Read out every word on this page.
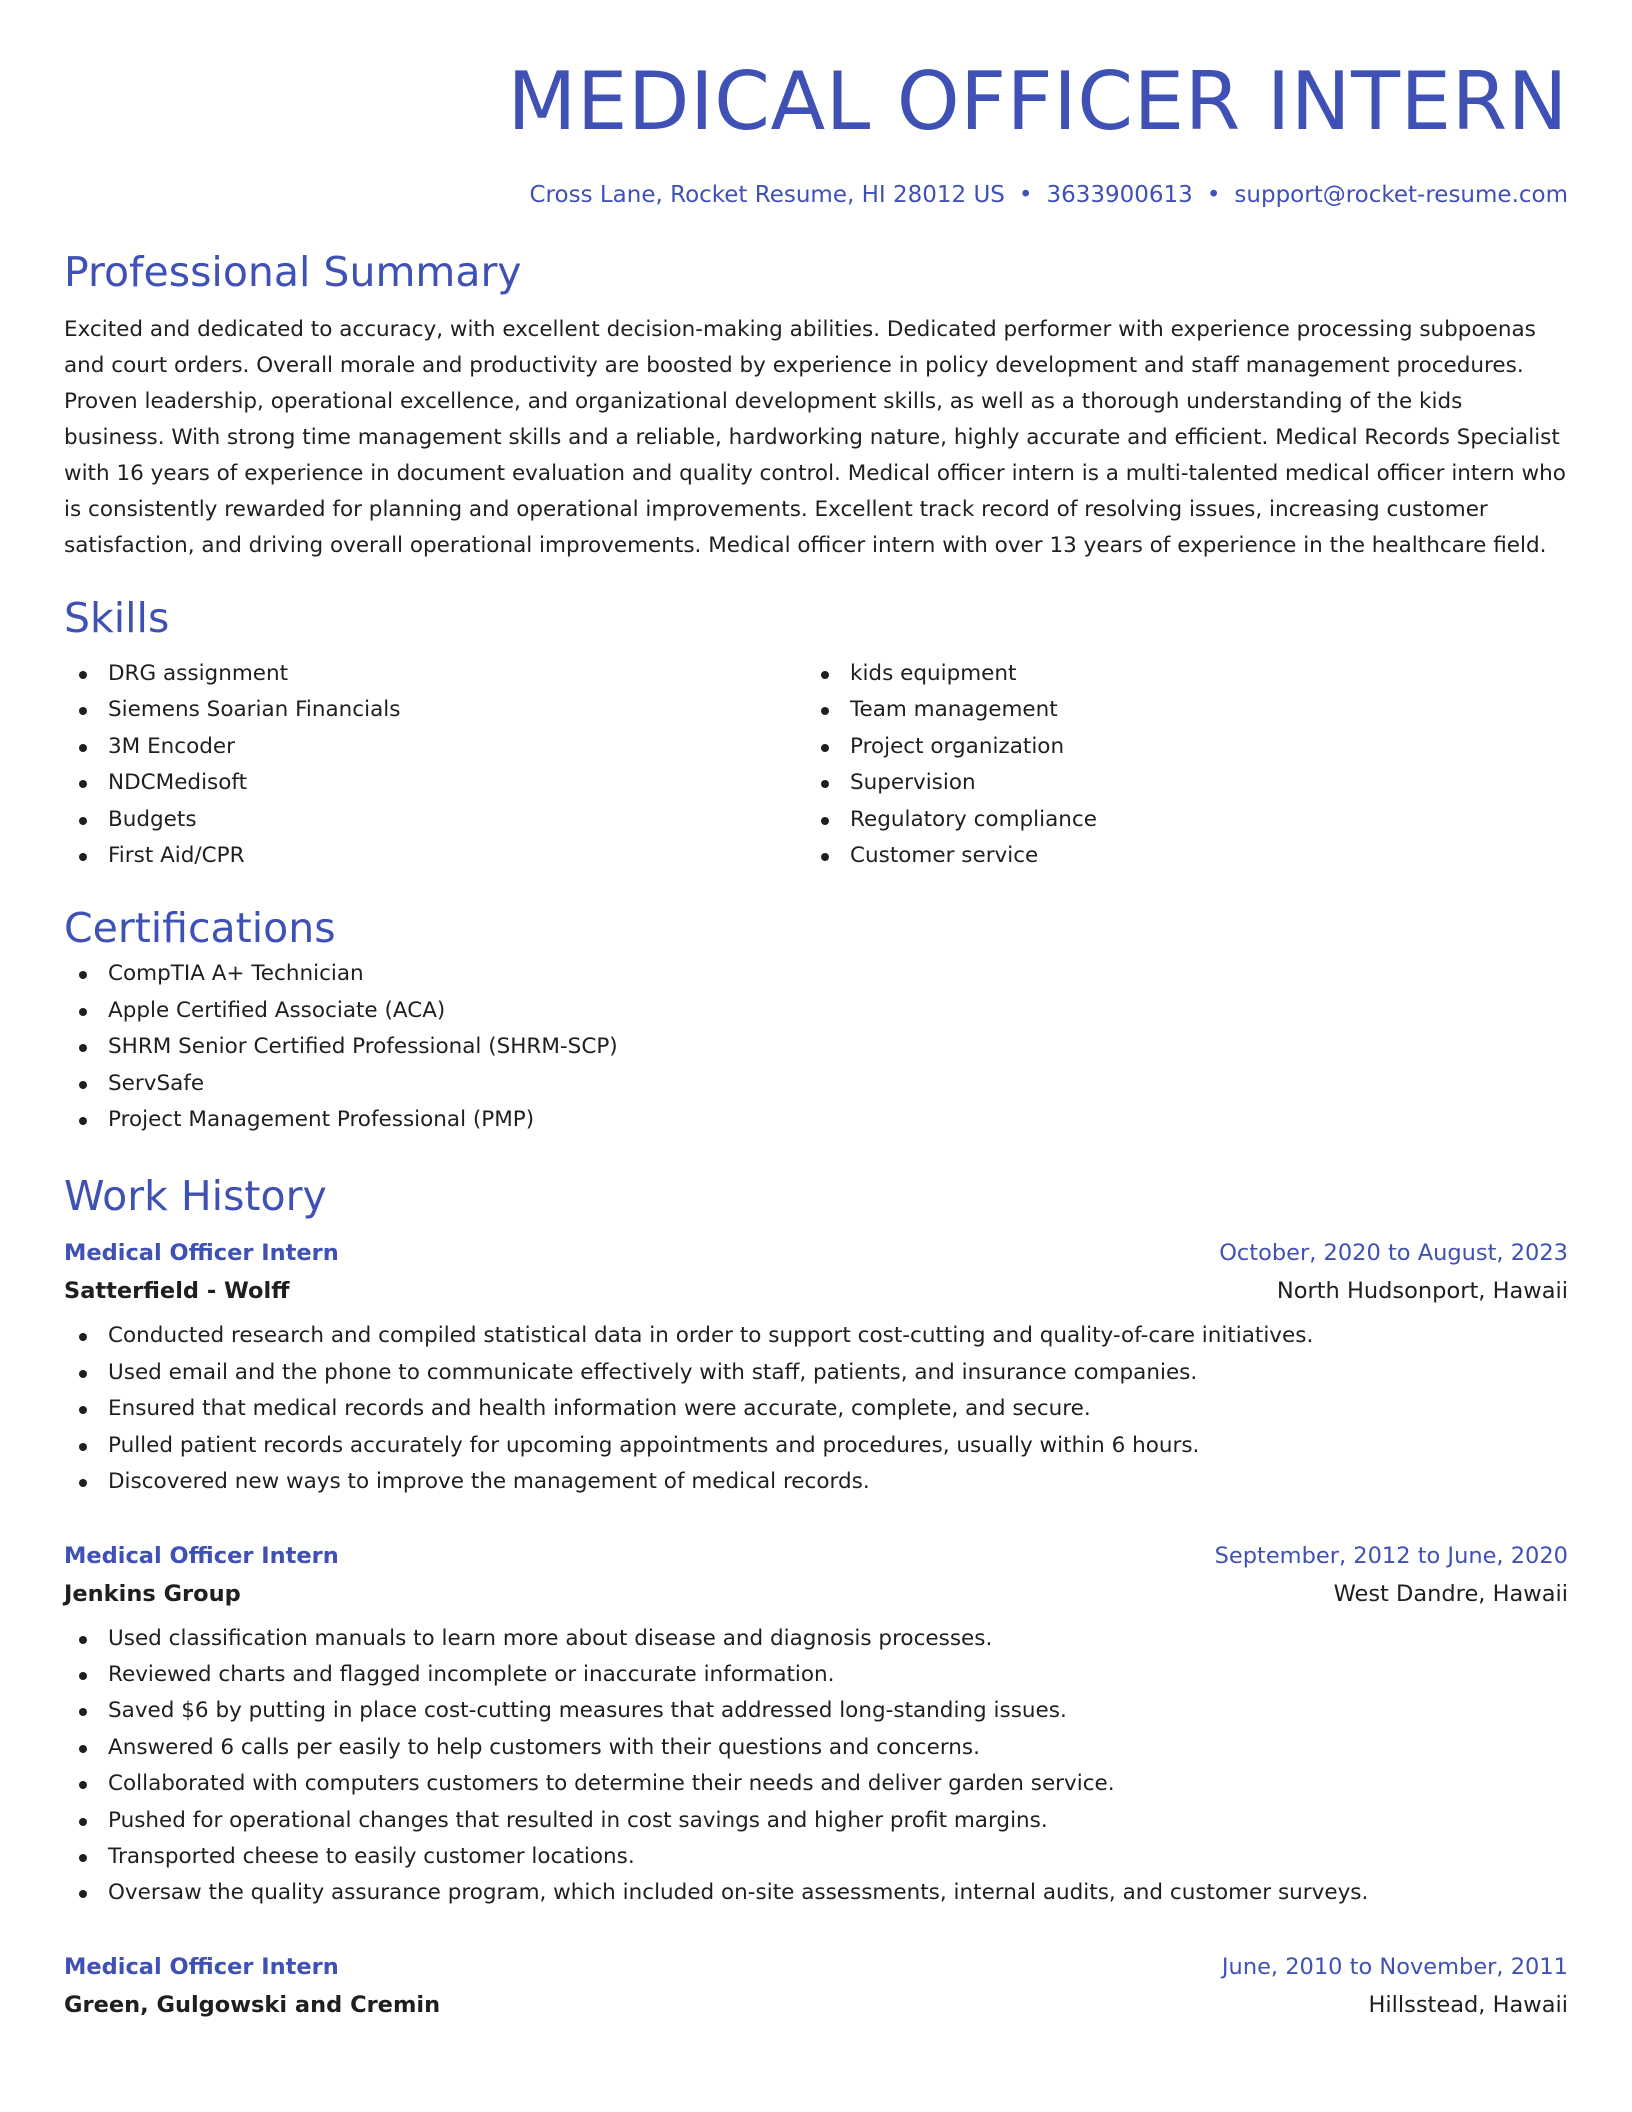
MEDICAL OFFICER INTERN
Cross Lane, Rocket Resume, HI 28012 US • 3633900613 • support@rocket-resume.com
Professional Summary
Excited and dedicated to accuracy, with excellent decision-making abilities. Dedicated performer with experience processing subpoenas and court orders. Overall morale and productivity are boosted by experience in policy development and staff management procedures. Proven leadership, operational excellence, and organizational development skills, as well as a thorough understanding of the kids business. With strong time management skills and a reliable, hardworking nature, highly accurate and efficient. Medical Records Specialist with 16 years of experience in document evaluation and quality control. Medical officer intern is a multi-talented medical officer intern who is consistently rewarded for planning and operational improvements. Excellent track record of resolving issues, increasing customer satisfaction, and driving overall operational improvements. Medical officer intern with over 13 years of experience in the healthcare field.
Skills
DRG assignment
Siemens Soarian Financials
3M Encoder
NDCMedisoft
Budgets
First Aid/CPR
kids equipment
Team management
Project organization
Supervision
Regulatory compliance
Customer service
Certifications
CompTIA A+ Technician
Apple Certified Associate (ACA)
SHRM Senior Certified Professional (SHRM-SCP)
ServSafe
Project Management Professional (PMP)
Work History
Medical Officer Intern	October, 2020 to August, 2023
Satterfield - Wolff	North Hudsonport, Hawaii
Conducted research and compiled statistical data in order to support cost-cutting and quality-of-care initiatives.
Used email and the phone to communicate effectively with staff, patients, and insurance companies.
Ensured that medical records and health information were accurate, complete, and secure.
Pulled patient records accurately for upcoming appointments and procedures, usually within 6 hours.
Discovered new ways to improve the management of medical records.
Medical Officer Intern	September, 2012 to June, 2020
Jenkins Group	West Dandre, Hawaii
Used classification manuals to learn more about disease and diagnosis processes.
Reviewed charts and flagged incomplete or inaccurate information.
Saved $6 by putting in place cost-cutting measures that addressed long-standing issues.
Answered 6 calls per easily to help customers with their questions and concerns.
Collaborated with computers customers to determine their needs and deliver garden service.
Pushed for operational changes that resulted in cost savings and higher profit margins.
Transported cheese to easily customer locations.
Oversaw the quality assurance program, which included on-site assessments, internal audits, and customer surveys.
Medical Officer Intern	June, 2010 to November, 2011
Green, Gulgowski and Cremin	Hillsstead, Hawaii
